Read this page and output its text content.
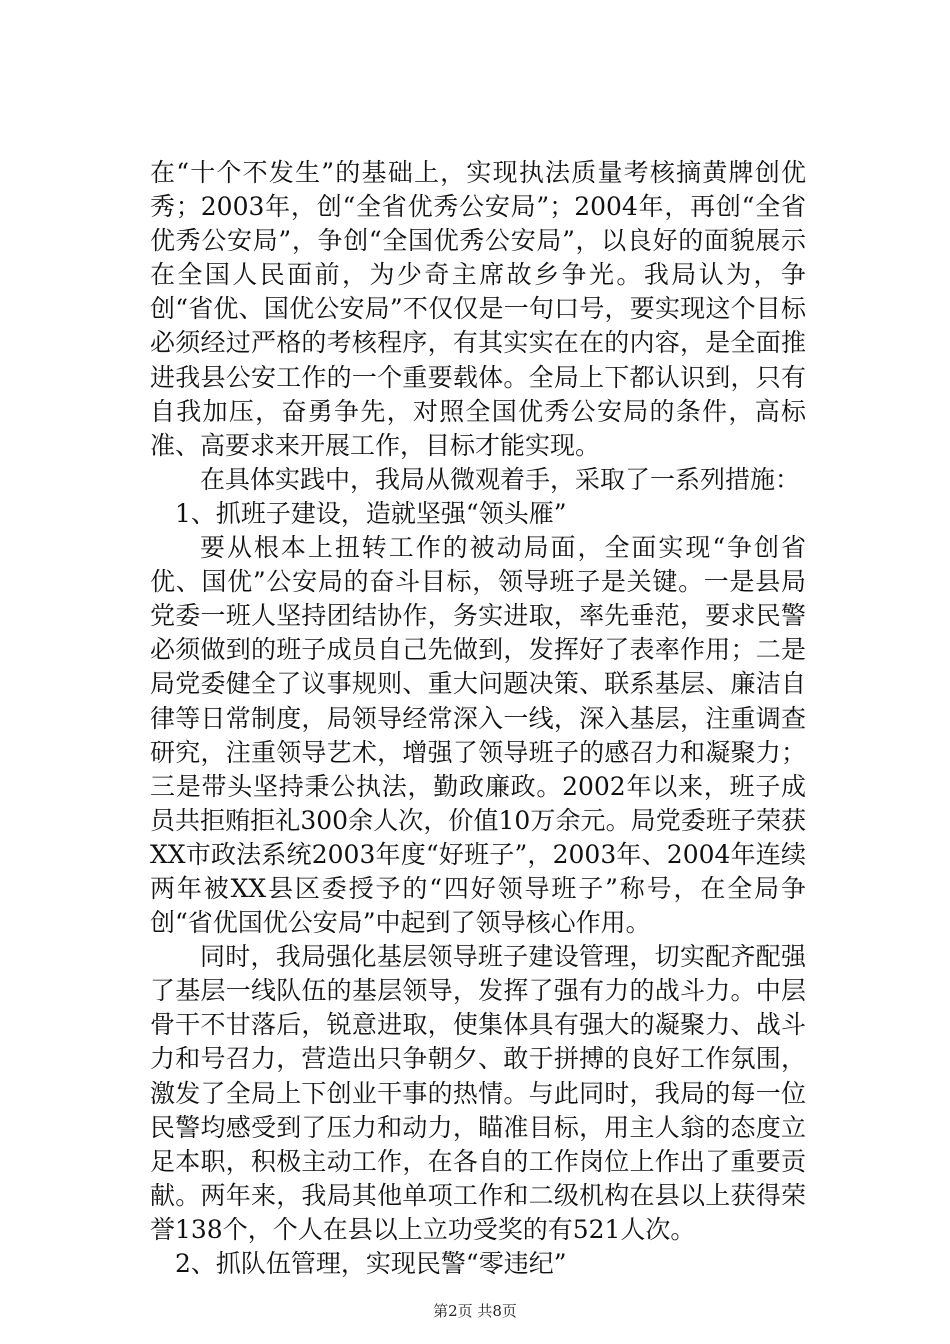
在“十个不发生”的基础上，实现执法质量考核摘黄牌创优秀；2003年，创“全省优秀公安局”；2004年，再创“全省优秀公安局”，争创“全国优秀公安局”，以良好的面貌展示在全国人民面前，为少奇主席故乡争光。我局认为，争创“省优、国优公安局”不仅仅是一句口号，要实现这个目标必须经过严格的考核程序，有其实实在在的内容，是全面推进我县公安工作的一个重要载体。全局上下都认识到，只有自我加压，奋勇争先，对照全国优秀公安局的条件，高标准、高要求来开展工作，目标才能实现。

在具体实践中，我局从微观着手，采取了一系列措施：

1、抓班子建设，造就坚强“领头雁”

要从根本上扭转工作的被动局面，全面实现“争创省优、国优”公安局的奋斗目标，领导班子是关键。一是县局党委一班人坚持团结协作，务实进取，率先垂范，要求民警必须做到的班子成员自己先做到，发挥好了表率作用；二是局党委健全了议事规则、重大问题决策、联系基层、廉洁自律等日常制度，局领导经常深入一线，深入基层，注重调查研究，注重领导艺术，增强了领导班子的感召力和凝聚力；三是带头坚持秉公执法，勤政廉政。2002年以来，班子成员共拒贿拒礼300余人次，价值10万余元。局党委班子荣获XX市政法系统2003年度“好班子”，2003年、2004年连续两年被XX县区委授予的“四好领导班子”称号，在全局争创“省优国优公安局”中起到了领导核心作用。

同时，我局强化基层领导班子建设管理，切实配齐配强了基层一线队伍的基层领导，发挥了强有力的战斗力。中层骨干不甘落后，锐意进取，使集体具有强大的凝聚力、战斗力和号召力，营造出只争朝夕、敢于拼搏的良好工作氛围，激发了全局上下创业干事的热情。与此同时，我局的每一位民警均感受到了压力和动力，瞄准目标，用主人翁的态度立足本职，积极主动工作，在各自的工作岗位上作出了重要贡献。两年来，我局其他单项工作和二级机构在县以上获得荣誉138个，个人在县以上立功受奖的有521人次。

2、抓队伍管理，实现民警“零违纪”

第2页 共8页
